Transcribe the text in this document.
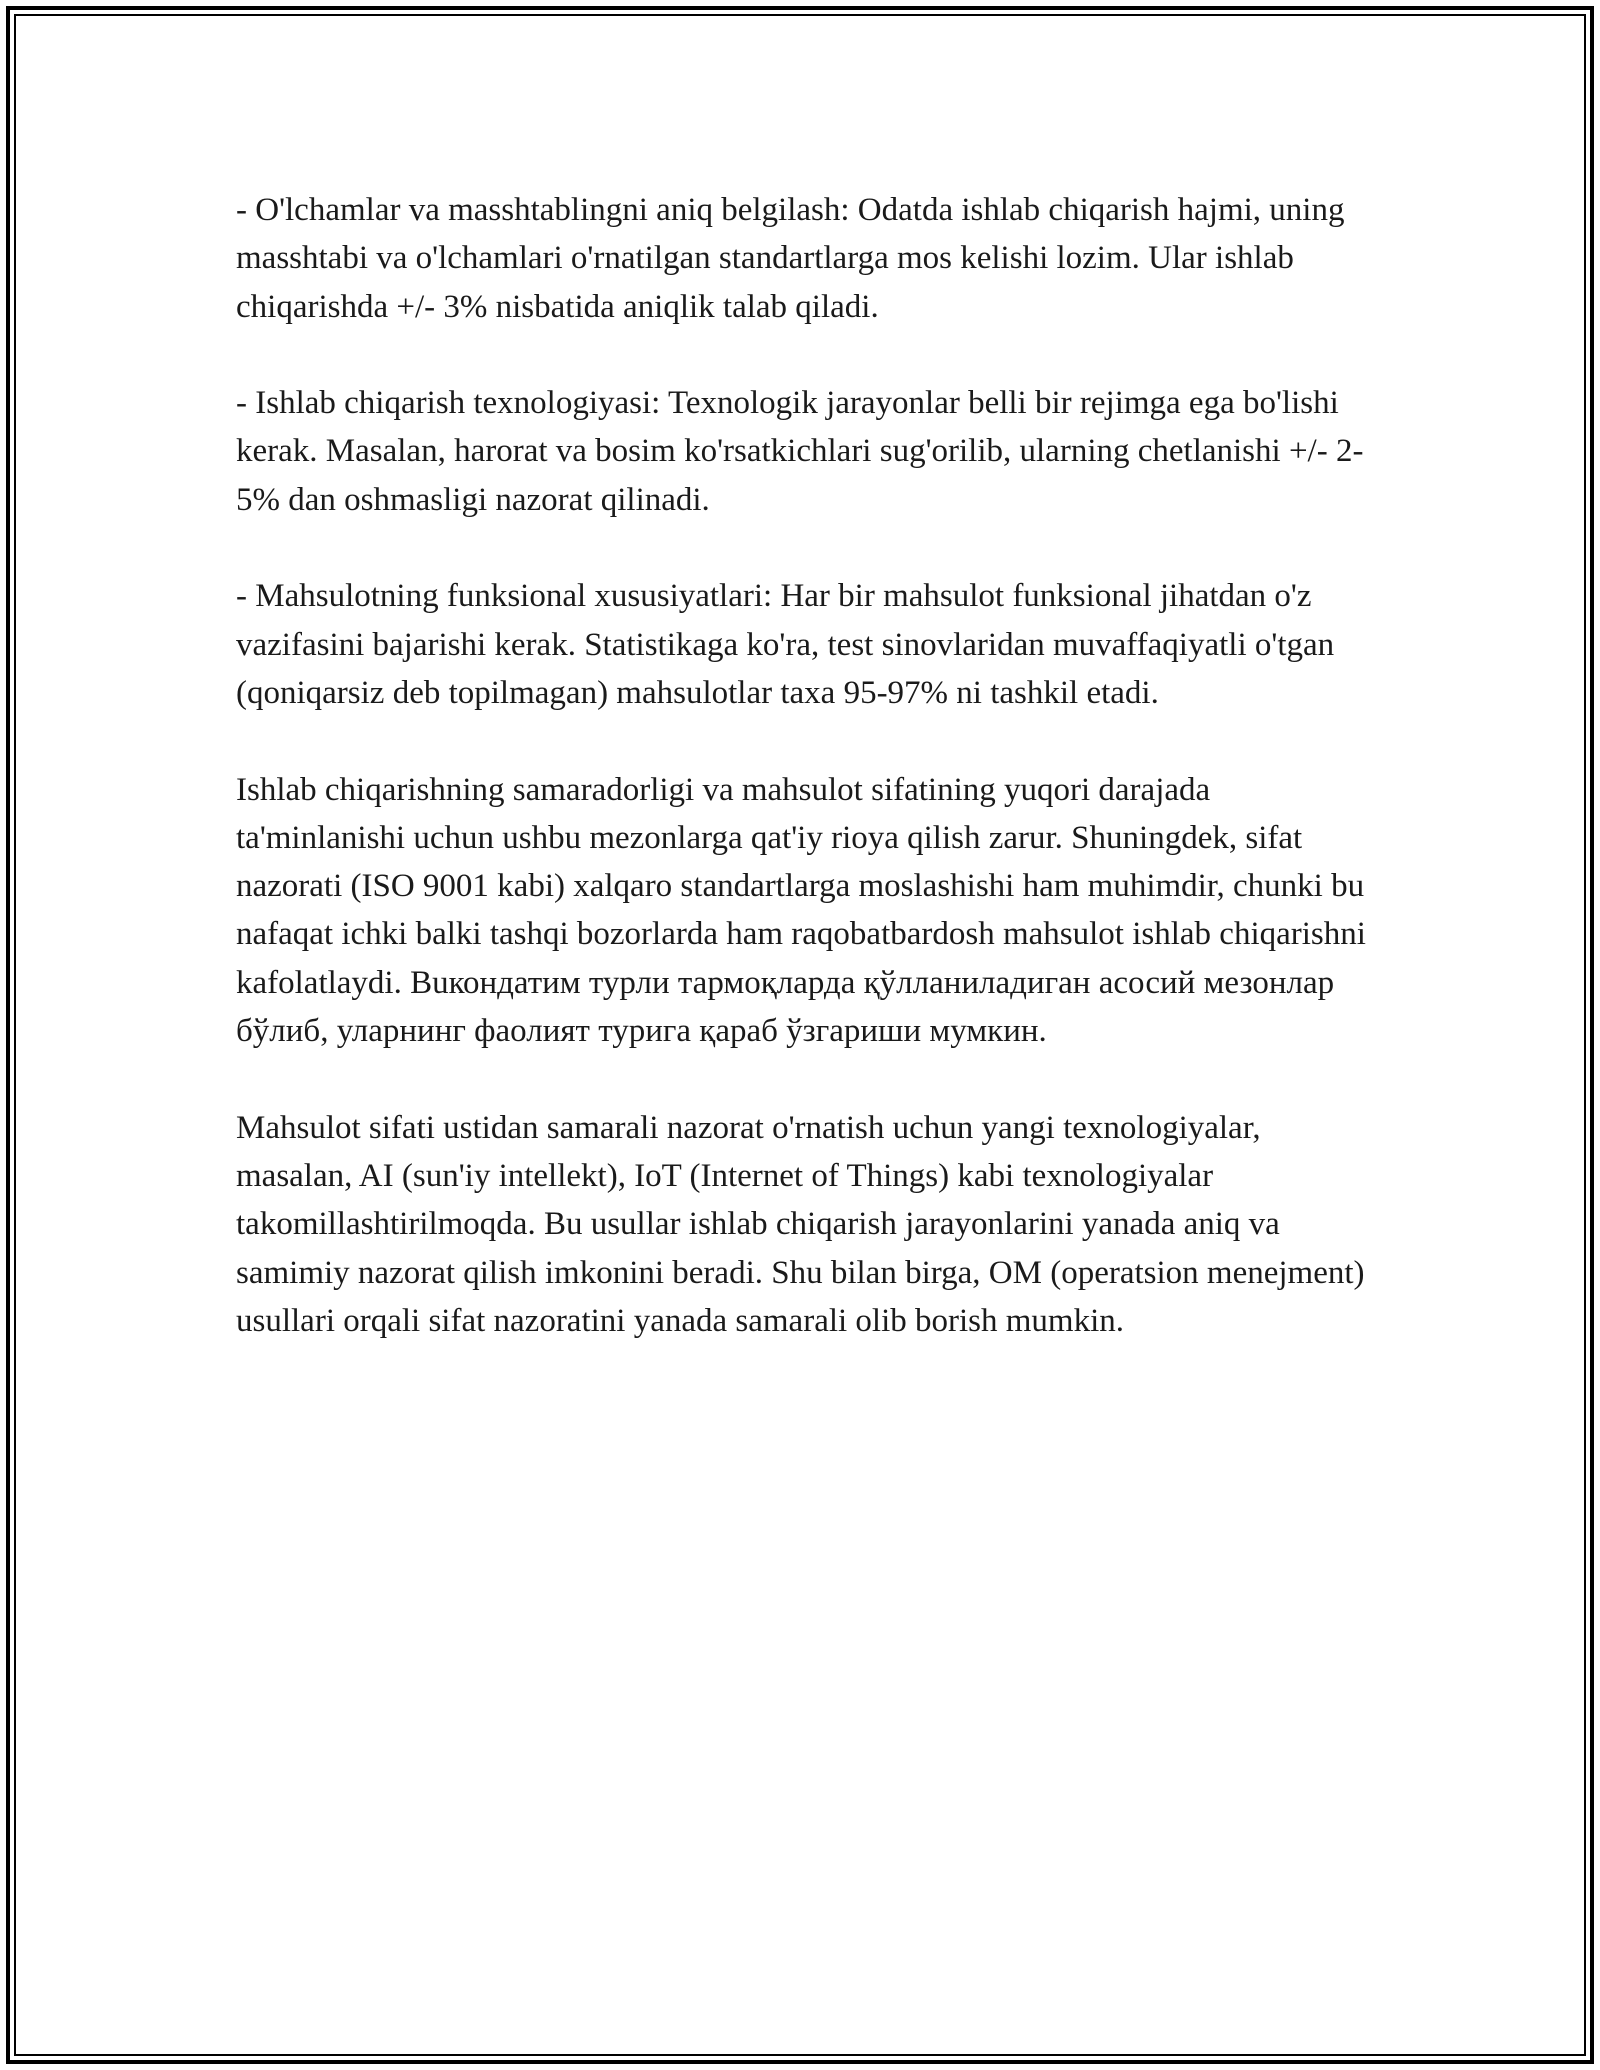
- O'lchamlar va masshtablingni aniq belgilash: Odatda ishlab chiqarish hajmi, uning masshtabi va o'lchamlari o'rnatilgan standartlarga mos kelishi lozim. Ular ishlab chiqarishda +/- 3% nisbatida aniqlik talab qiladi.

- Ishlab chiqarish texnologiyasi: Texnologik jarayonlar belli bir rejimga ega bo'lishi kerak. Masalan, harorat va bosim ko'rsatkichlari sug'orilib, ularning chetlanishi +/- 2-5% dan oshmasligi nazorat qilinadi.

- Mahsulotning funksional xususiyatlari: Har bir mahsulot funksional jihatdan o'z vazifasini bajarishi kerak. Statistikaga ko'ra, test sinovlaridan muvaffaqiyatli o'tgan (qoniqarsiz deb topilmagan) mahsulotlar taxa 95-97% ni tashkil etadi.

Ishlab chiqarishning samaradorligi va mahsulot sifatining yuqori darajada ta'minlanishi uchun ushbu mezonlarga qat'iy rioya qilish zarur. Shuningdek, sifat nazorati (ISO 9001 kabi) xalqaro standartlarga moslashishi ham muhimdir, chunki bu nafaqat ichki balki tashqi bozorlarda ham raqobatbardosh mahsulot ishlab chiqarishni kafolatlaydi. Buкондатим турли тармоқларда қўлланиладиган асосий мезонлар бўлиб, уларнинг фаолият турига қараб ўзгариши мумкин.

Mahsulot sifati ustidan samarali nazorat o'rnatish uchun yangi texnologiyalar, masalan, AI (sun'iy intellekt), IoT (Internet of Things) kabi texnologiyalar takomillashtirilmoqda. Bu usullar ishlab chiqarish jarayonlarini yanada aniq va samimiy nazorat qilish imkonini beradi. Shu bilan birga, OM (operatsion menejment) usullari orqali sifat nazoratini yanada samarali olib borish mumkin.
